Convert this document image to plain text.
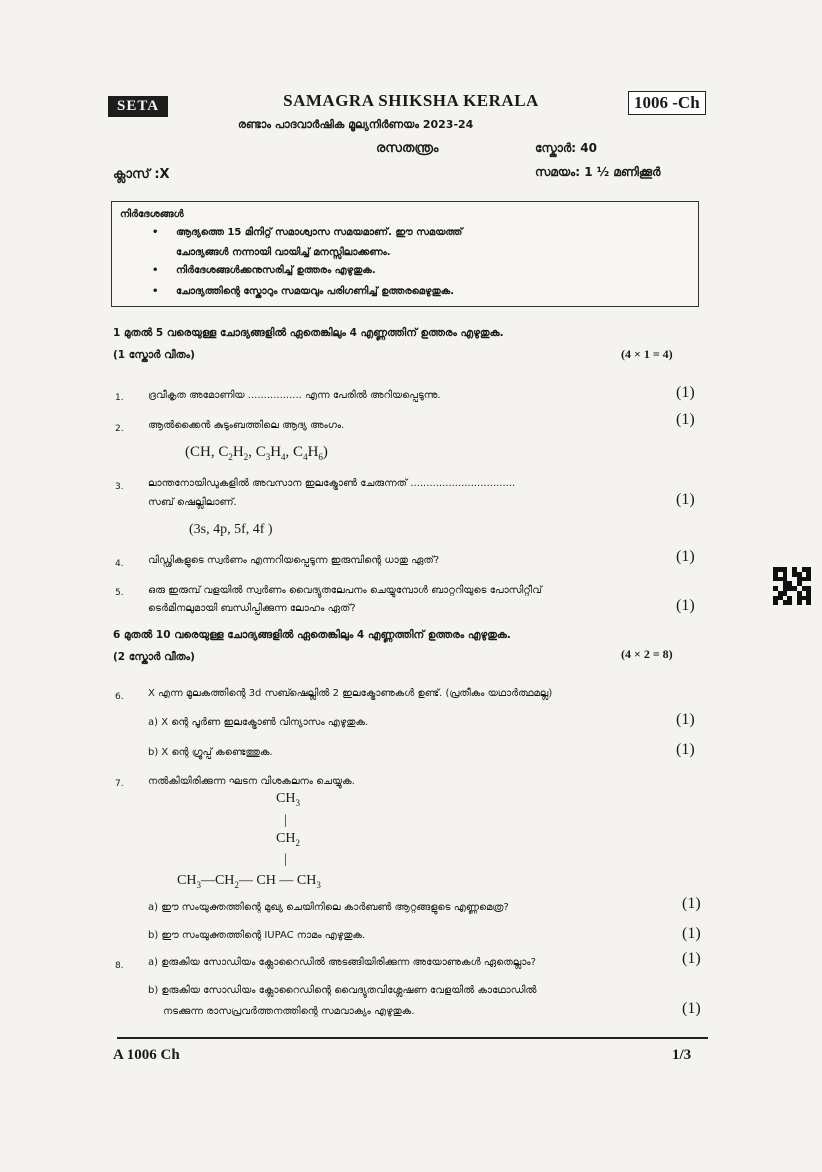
SETA	SAMAGRA SHIKSHA KERALA	1006 -Ch
രണ്ടാം പാദവാർഷിക മൂല്യനിർണയം 2023-24
രസതന്ത്രം	സ്കോർ: 40
ക്ലാസ് :X	സമയം: 1 ½ മണിക്കൂർ
നിർദേശങ്ങൾ
• ആദ്യത്തെ 15 മിനിറ്റ് സമാശ്വാസ സമയമാണ്. ഈ സമയത്ത്
ചോദ്യങ്ങൾ നന്നായി വായിച്ച് മനസ്സിലാക്കണം.
• നിർദേശങ്ങൾക്കനുസരിച്ച് ഉത്തരം എഴുതുക.
• ചോദ്യത്തിന്റെ സ്കോറും സമയവും പരിഗണിച്ച് ഉത്തരമെഴുതുക.
1 മുതൽ 5 വരെയുള്ള ചോദ്യങ്ങളിൽ ഏതെങ്കിലും 4 എണ്ണത്തിന് ഉത്തരം എഴുതുക.
(1 സ്കോർ വീതം)	(4 × 1 = 4)
1. ദ്രവീകൃത അമോണിയ ................. എന്ന പേരിൽ അറിയപ്പെടുന്നു.	(1)
2. ആൽക്കൈൻ കുടുംബത്തിലെ ആദ്യ അംഗം.	(1)
(CH, $C_2H_2$, $C_3H_4$, $C_4H_6$)
3. ലാന്തനോയിഡുകളിൽ അവസാന ഇലക്ട്രോൺ ചേരുന്നത് .................................
സബ് ഷെല്ലിലാണ്.	(1)
(3s, 4p, 5f, 4f )
4. വിഡ്ഢികളുടെ സ്വർണം എന്നറിയപ്പെടുന്ന ഇരുമ്പിന്റെ ധാതു ഏത്?	(1)
5. ഒരു ഇരുമ്പ് വളയിൽ സ്വർണം വൈദ്യുതലേപനം ചെയ്യുമ്പോൾ ബാറ്ററിയുടെ പോസിറ്റീവ്
ടെർമിനലുമായി ബന്ധിപ്പിക്കുന്ന ലോഹം ഏത്?	(1)
6 മുതൽ 10 വരെയുള്ള ചോദ്യങ്ങളിൽ ഏതെങ്കിലും 4 എണ്ണത്തിന് ഉത്തരം എഴുതുക.
(2 സ്കോർ വീതം)	(4 × 2 = 8)
6. X എന്ന മൂലകത്തിന്റെ 3d സബ്ഷെല്ലിൽ 2 ഇലക്ട്രോണുകൾ ഉണ്ട്. (പ്രതീകം യഥാർത്ഥമല്ല)
a) X ന്റെ പൂർണ ഇലക്ട്രോൺ വിന്യാസം എഴുതുക.	(1)
b) X ന്റെ ഗ്രൂപ്പ് കണ്ടെത്തുക.	(1)
7. നൽകിയിരിക്കുന്ന ഘടന വിശകലനം ചെയ്യുക.
$CH_3$
|
$CH_2$
|
$CH_3—CH_2—$ CH — $CH_3$
a) ഈ സംയുക്തത്തിന്റെ മുഖ്യ ചെയിനിലെ കാർബൺ ആറ്റങ്ങളുടെ എണ്ണമെത്ര?	(1)
b) ഈ സംയുക്തത്തിന്റെ IUPAC നാമം എഴുതുക.	(1)
8. a) ഉരുകിയ സോഡിയം ക്ലോറൈഡിൽ അടങ്ങിയിരിക്കുന്ന അയോണുകൾ ഏതെല്ലാം?	(1)
b) ഉരുകിയ സോഡിയം ക്ലോറൈഡിന്റെ വൈദ്യുതവിശ്ലേഷണ വേളയിൽ കാഥോഡിൽ
നടക്കുന്ന രാസപ്രവർത്തനത്തിന്റെ സമവാക്യം എഴുതുക.	(1)
A 1006 Ch	1/3
